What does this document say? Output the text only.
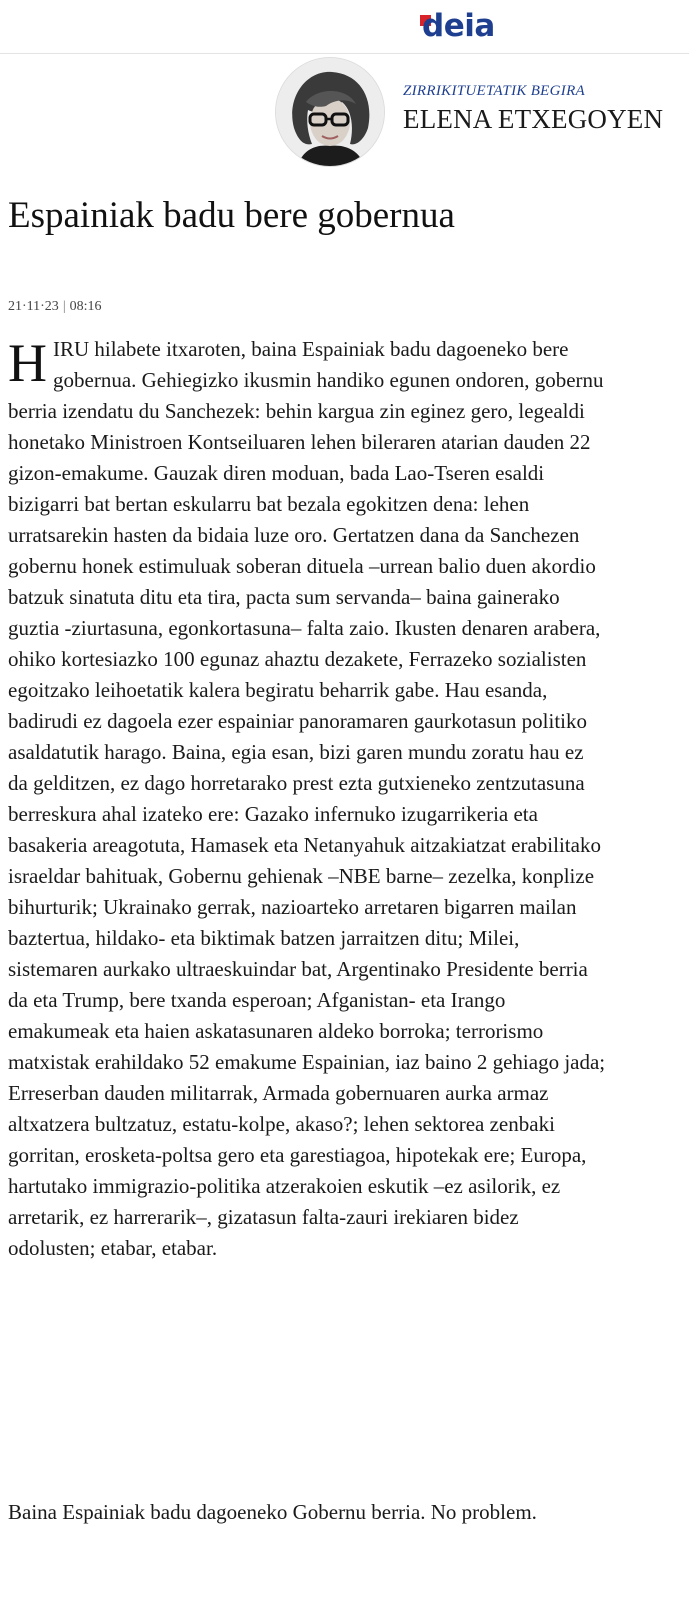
deia
ZIRRIKITUETATIK BEGIRA
ELENA ETXEGOYEN
Espainiak badu bere gobernua
21·11·23 | 08:16

HIRU hilabete itxaroten, baina Espainiak badu dagoeneko bere gobernua. Gehiegizko ikusmin handiko egunen ondoren, gobernu berria izendatu du Sanchezek: behin kargua zin eginez gero, legealdi honetako Ministroen Kontseiluaren lehen bileraren atarian dauden 22 gizon-emakume. Gauzak diren moduan, bada Lao-Tseren esaldi bizigarri bat bertan eskularru bat bezala egokitzen dena: lehen urratsarekin hasten da bidaia luze oro. Gertatzen dana da Sanchezen gobernu honek estimuluak soberan dituela –urrean balio duen akordio batzuk sinatuta ditu eta tira, pacta sum servanda– baina gainerako guztia -ziurtasuna, egonkortasuna– falta zaio. Ikusten denaren arabera, ohiko kortesiazko 100 egunaz ahaztu dezakete, Ferrazeko sozialisten egoitzako leihoetatik kalera begiratu beharrik gabe. Hau esanda, badirudi ez dagoela ezer espainiar panoramaren gaurkotasun politiko asaldatutik harago. Baina, egia esan, bizi garen mundu zoratu hau ez da gelditzen, ez dago horretarako prest ezta gutxieneko zentzutasuna berreskura ahal izateko ere: Gazako infernuko izugarrikeria eta basakeria areagotuta, Hamasek eta Netanyahuk aitzakiatzat erabilitako israeldar bahituak, Gobernu gehienak –NBE barne– zezelka, konplize bihurturik; Ukrainako gerrak, nazioarteko arretaren bigarren mailan baztertua, hildako- eta biktimak batzen jarraitzen ditu; Milei, sistemaren aurkako ultraeskuindar bat, Argentinako Presidente berria da eta Trump, bere txanda esperoan; Afganistan- eta Irango emakumeak eta haien askatasunaren aldeko borroka; terrorismo matxistak erahildako 52 emakume Espainian, iaz baino 2 gehiago jada; Erreserban dauden militarrak, Armada gobernuaren aurka armaz altxatzera bultzatuz, estatu-kolpe, akaso?; lehen sektorea zenbaki gorritan, erosketa-poltsa gero eta garestiagoa, hipotekak ere; Europa, hartutako immigrazio-politika atzerakoien eskutik –ez asilorik, ez arretarik, ez harrerarik–, gizatasun falta-zauri irekiaren bidez odolusten; etabar, etabar.

Baina Espainiak badu dagoeneko Gobernu berria. No problem.
